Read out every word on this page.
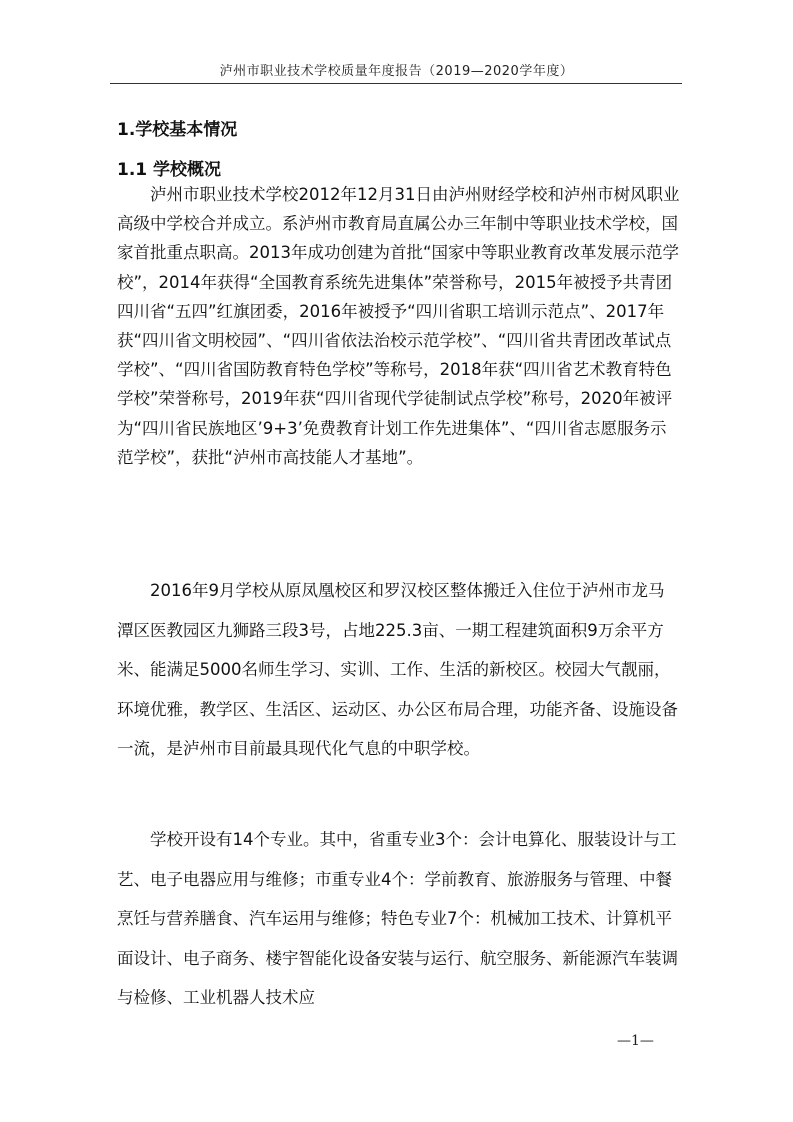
泸州市职业技术学校质量年度报告（2019—2020学年度）
1.学校基本情况
1.1 学校概况

泸州市职业技术学校2012年12月31日由泸州财经学校和泸州市树风职业高级中学校合并成立。系泸州市教育局直属公办三年制中等职业技术学校，国家首批重点职高。2013年成功创建为首批“国家中等职业教育改革发展示范学校”，2014年获得“全国教育系统先进集体”荣誉称号，2015年被授予共青团四川省“五四”红旗团委，2016年被授予“四川省职工培训示范点”、2017年获“四川省文明校园”、“四川省依法治校示范学校”、“四川省共青团改革试点学校”、“四川省国防教育特色学校”等称号，2018年获“四川省艺术教育特色学校”荣誉称号，2019年获“四川省现代学徒制试点学校”称号，2020年被评为“四川省民族地区’9+3’免费教育计划工作先进集体”、“四川省志愿服务示范学校”，获批“泸州市高技能人才基地”。

2016年9月学校从原凤凰校区和罗汉校区整体搬迁入住位于泸州市龙马潭区医教园区九狮路三段3号，占地225.3亩、一期工程建筑面积9万余平方米、能满足5000名师生学习、实训、工作、生活的新校区。校园大气靓丽，环境优雅，教学区、生活区、运动区、办公区布局合理，功能齐备、设施设备一流，是泸州市目前最具现代化气息的中职学校。

学校开设有14个专业。其中，省重专业3个：会计电算化、服装设计与工艺、电子电器应用与维修；市重专业4个：学前教育、旅游服务与管理、中餐烹饪与营养膳食、汽车运用与维修；特色专业7个：机械加工技术、计算机平面设计、电子商务、楼宇智能化设备安装与运行、航空服务、新能源汽车装调与检修、工业机器人技术应

—1—
